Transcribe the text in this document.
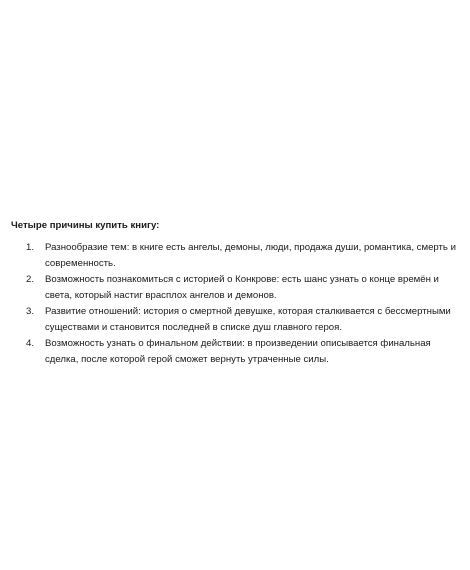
Четыре причины купить книгу:

1.	Разнообразие тем: в книге есть ангелы, демоны, люди, продажа души, романтика, смерть и современность.
2.	Возможность познакомиться с историей о Конкрове: есть шанс узнать о конце времён и света, который настиг врасплох ангелов и демонов.
3.	Развитие отношений: история о смертной девушке, которая сталкивается с бессмертными существами и становится последней в списке душ главного героя.
4.	Возможность узнать о финальном действии: в произведении описывается финальная сделка, после которой герой сможет вернуть утраченные силы.
